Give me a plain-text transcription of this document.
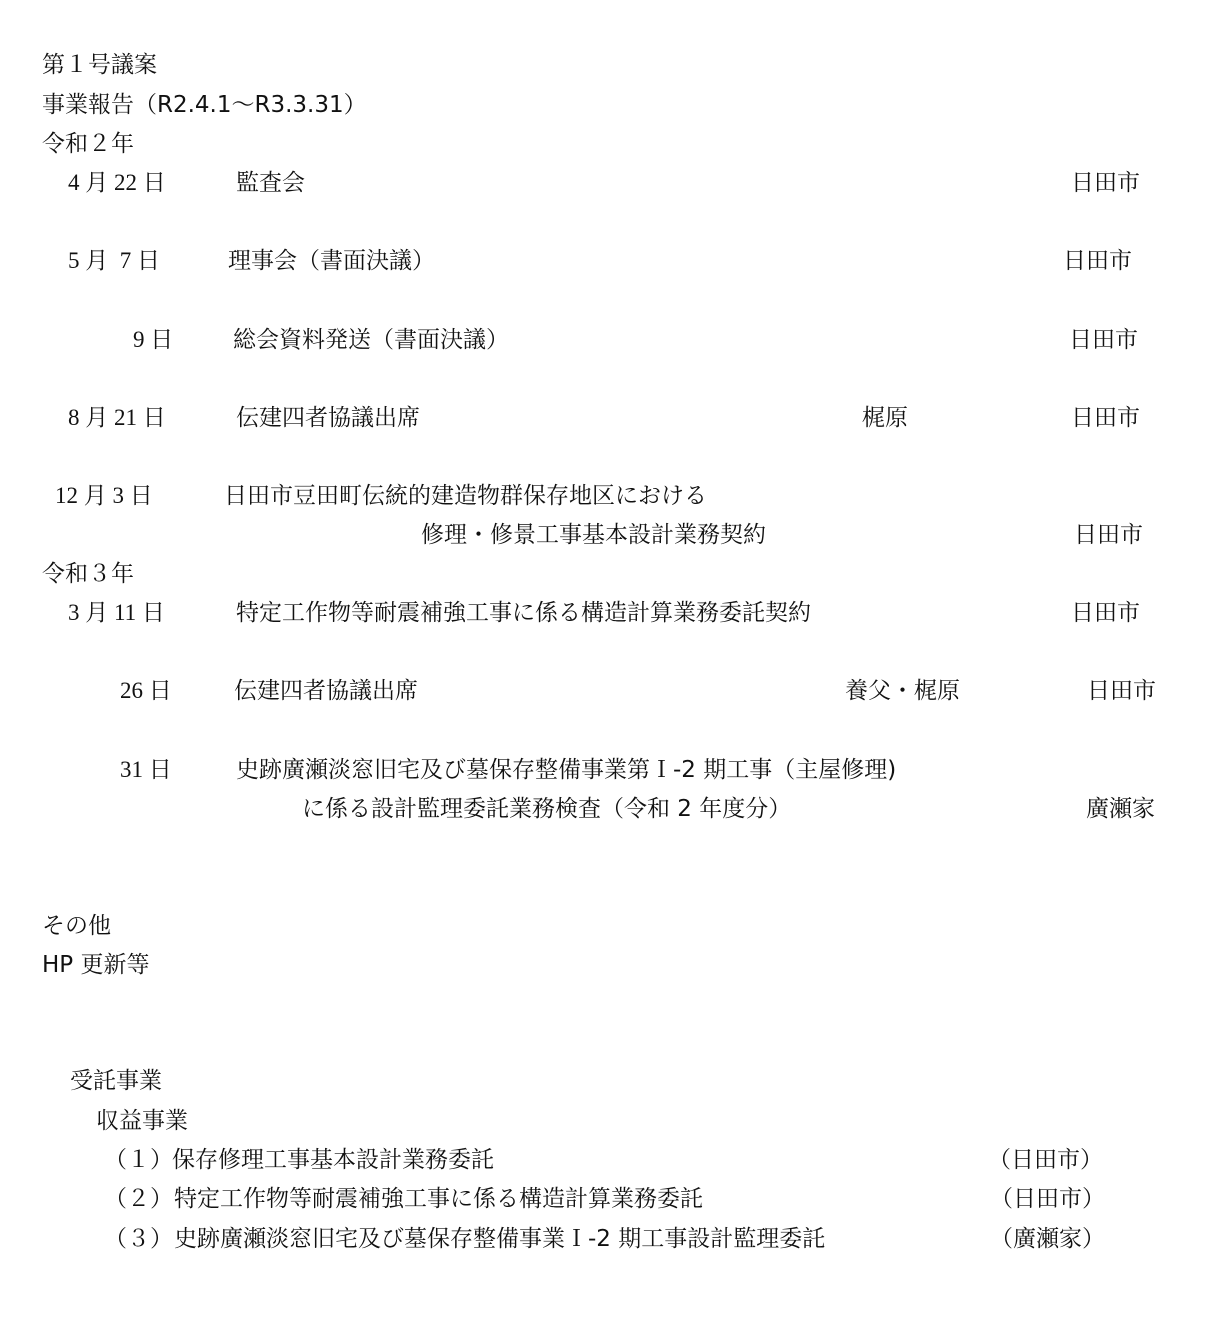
第１号議案
事業報告（R2.4.1～R3.3.31）
令和２年
4 月 22 日	監査会	日田市
5 月  7 日	理事会（書面決議）	日田市
9 日	総会資料発送（書面決議）	日田市
8 月 21 日	伝建四者協議出席	梶原	日田市
12 月 3 日	日田市豆田町伝統的建造物群保存地区における
修理・修景工事基本設計業務契約	日田市
令和３年
3 月 11 日	特定工作物等耐震補強工事に係る構造計算業務委託契約	日田市
26 日	伝建四者協議出席	養父・梶原	日田市
31 日	史跡廣瀬淡窓旧宅及び墓保存整備事業第Ｉ-2 期工事（主屋修理)
に係る設計監理委託業務検査（令和 2 年度分）	廣瀬家
その他
HP 更新等
受託事業
収益事業
（１） 保存修理工事基本設計業務委託	（日田市）
（２） 特定工作物等耐震補強工事に係る構造計算業務委託	（日田市）
（３） 史跡廣瀬淡窓旧宅及び墓保存整備事業Ｉ-2 期工事設計監理委託	（廣瀬家）
